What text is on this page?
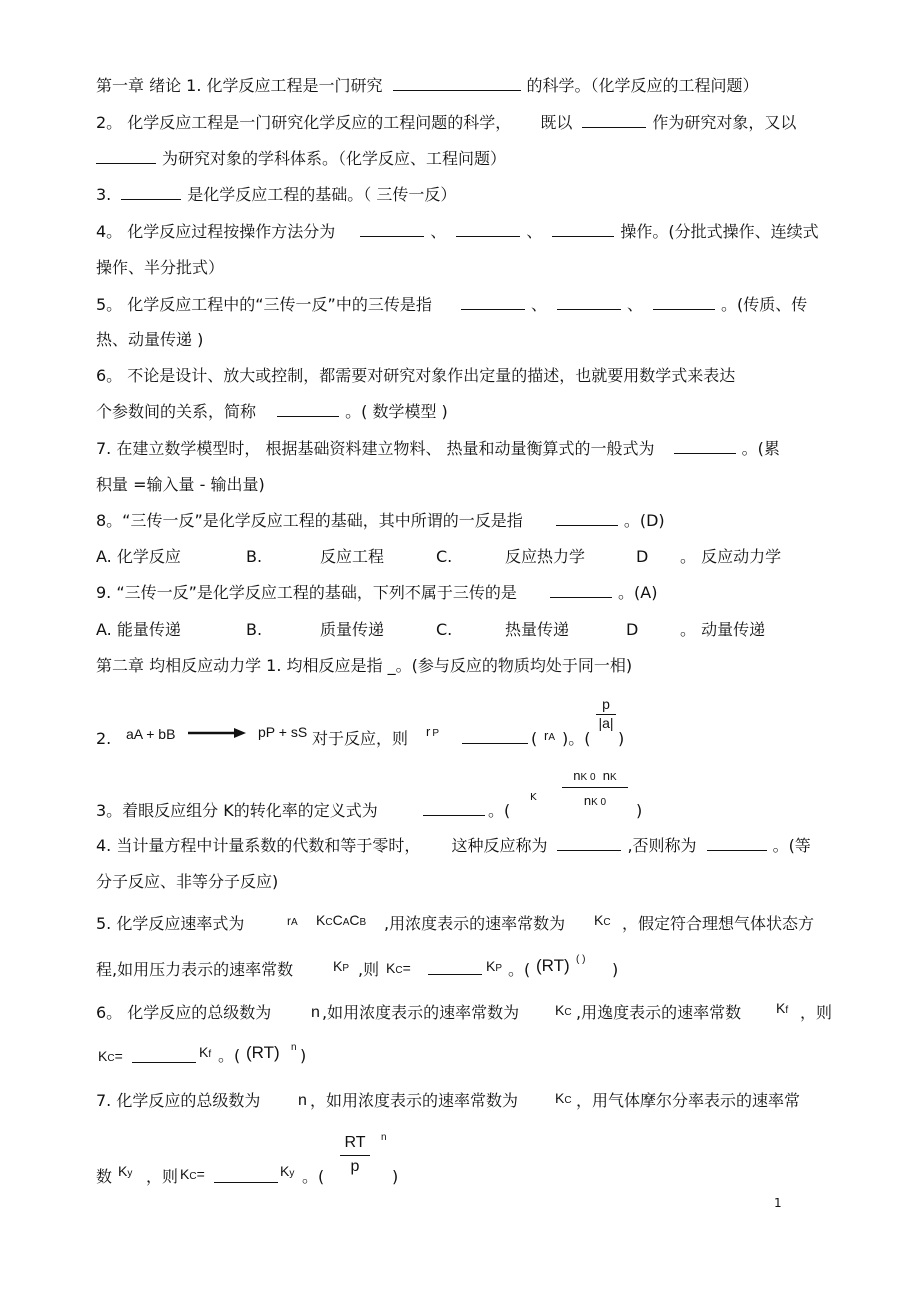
第一章 绪论 1. 化学反应工程是一门研究	的科学。（化学反应的工程问题）
2。 化学反应工程是一门研究化学反应的工程问题的科学， 既以	作为研究对象，又以
为研究对象的学科体系。（化学反应、工程问题）
3.	是化学反应工程的基础。（ 三传一反）
4。 化学反应过程按操作方法分为	、	、	操作。(分批式操作、连续式
操作、半分批式）
5。 化学反应工程中的“三传一反”中的三传是指	、	、	。(传质、传
热、动量传递 )
6。 不论是设计、放大或控制，都需要对研究对象作出定量的描述，也就要用数学式来表达
个参数间的关系，简称	。( 数学模型 )
7. 在建立数学模型时， 根据基础资料建立物料、 热量和动量衡算式的一般式为	。(累
积量 =输入量 - 输出量)
8。“三传一反”是化学反应工程的基础，其中所谓的一反是指	。(D)
A. 化学反应	B.	反应工程	C.	反应热力学	D 。 反应动力学
9. “三传一反”是化学反应工程的基础，下列不属于三传的是	。(A)
A. 能量传递	B.	质量传递	C.	热量传递	D	。 动量传递
第二章 均相反应动力学 1. 均相反应是指 _。(参与反应的物质均处于同一相)
2. aA + bB → pP + sS 对于反应，则 r P	( rA )。(
$\frac{p}{|a|}$
)
3。着眼反应组分 K的转化率的定义式为	。(
K $\frac{nK 0 nK}{nK 0}$
)
4. 当计量方程中计量系数的代数和等于零时， 这种反应称为	,否则称为	。(等
分子反应、非等分子反应)
5. 化学反应速率式为	rA KCCACB ,用浓度表示的速率常数为 KC ，假定符合理想气体状态方
程,如用压力表示的速率常数	KP ,则 KC=	KP 。( (RT) ( )
)
6。 化学反应的总级数为 n ,如用浓度表示的速率常数为	KC ,用逸度表示的速率常数 Kf ，则
KC=	Kf 。( (RT) n )
7. 化学反应的总级数为 n ，如用浓度表示的速率常数为	KC ，用气体摩尔分率表示的速率常
数 Ky ，则 KC=	Ky 。(
$\frac{RT}{p}$ n
)
1
